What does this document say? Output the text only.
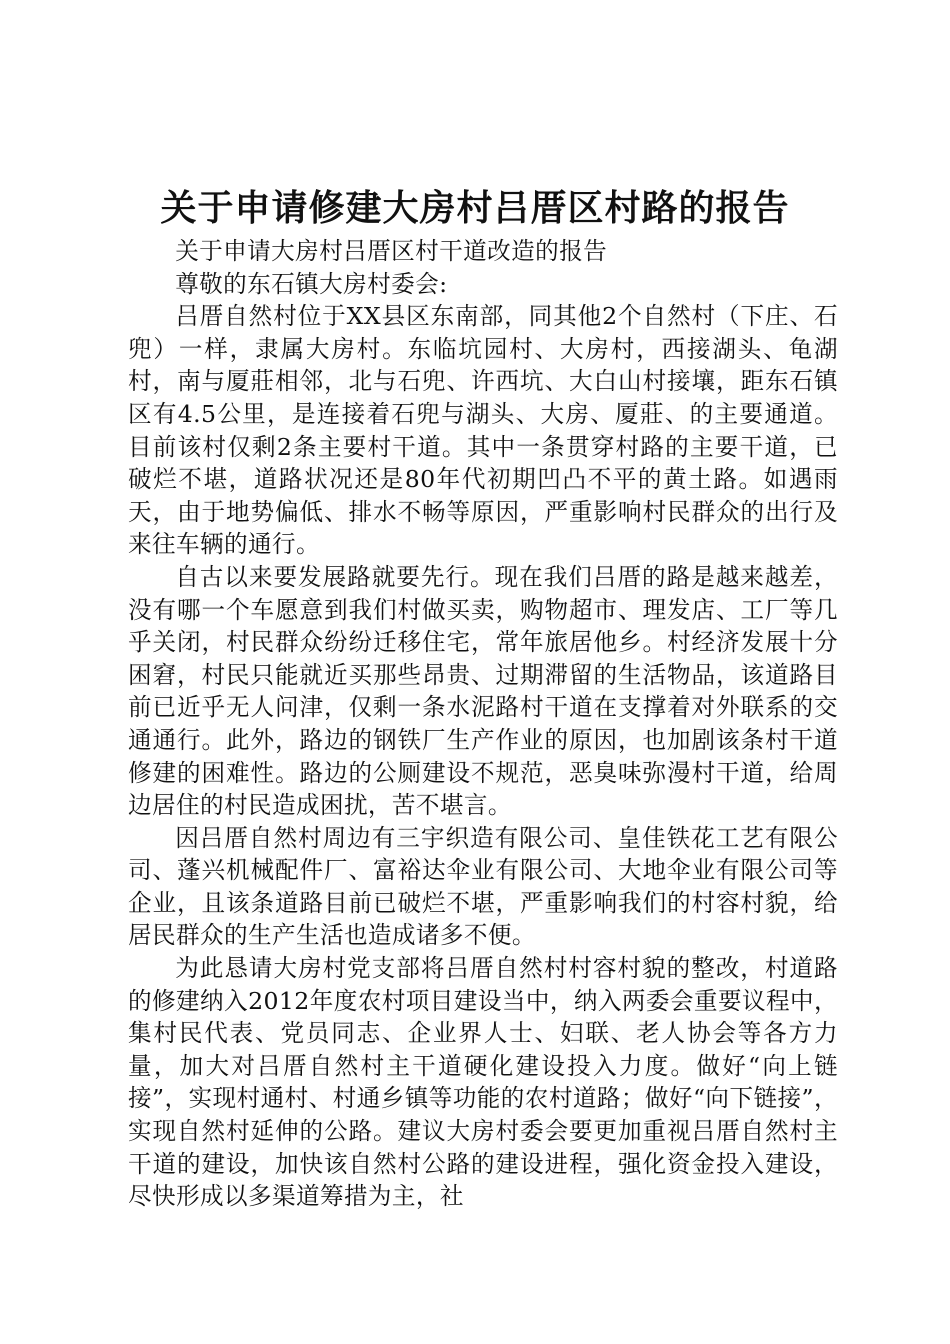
关于申请修建大房村吕厝区村路的报告

关于申请大房村吕厝区村干道改造的报告

尊敬的东石镇大房村委会:

吕厝自然村位于XX县区东南部，同其他2个自然村（下庄、石兜）一样，隶属大房村。东临坑园村、大房村，西接湖头、龟湖村，南与厦莊相邻，北与石兜、许西坑、大白山村接壤，距东石镇区有4.5公里，是连接着石兜与湖头、大房、厦莊、的主要通道。目前该村仅剩2条主要村干道。其中一条贯穿村路的主要干道，已破烂不堪，道路状况还是80年代初期凹凸不平的黄土路。如遇雨天，由于地势偏低、排水不畅等原因，严重影响村民群众的出行及来往车辆的通行。

自古以来要发展路就要先行。现在我们吕厝的路是越来越差，没有哪一个车愿意到我们村做买卖，购物超市、理发店、工厂等几乎关闭，村民群众纷纷迁移住宅，常年旅居他乡。村经济发展十分困窘，村民只能就近买那些昂贵、过期滞留的生活物品，该道路目前已近乎无人问津，仅剩一条水泥路村干道在支撑着对外联系的交通通行。此外，路边的钢铁厂生产作业的原因，也加剧该条村干道修建的困难性。路边的公厕建设不规范，恶臭味弥漫村干道，给周边居住的村民造成困扰，苦不堪言。

因吕厝自然村周边有三宇织造有限公司、皇佳铁花工艺有限公司、蓬兴机械配件厂、富裕达伞业有限公司、大地伞业有限公司等企业，且该条道路目前已破烂不堪，严重影响我们的村容村貌，给居民群众的生产生活也造成诸多不便。

为此恳请大房村党支部将吕厝自然村村容村貌的整改，村道路的修建纳入2012年度农村项目建设当中，纳入两委会重要议程中，集村民代表、党员同志、企业界人士、妇联、老人协会等各方力量，加大对吕厝自然村主干道硬化建设投入力度。做好“向上链接”，实现村通村、村通乡镇等功能的农村道路；做好“向下链接”，实现自然村延伸的公路。建议大房村委会要更加重视吕厝自然村主干道的建设，加快该自然村公路的建设进程，强化资金投入建设，尽快形成以多渠道筹措为主，社
